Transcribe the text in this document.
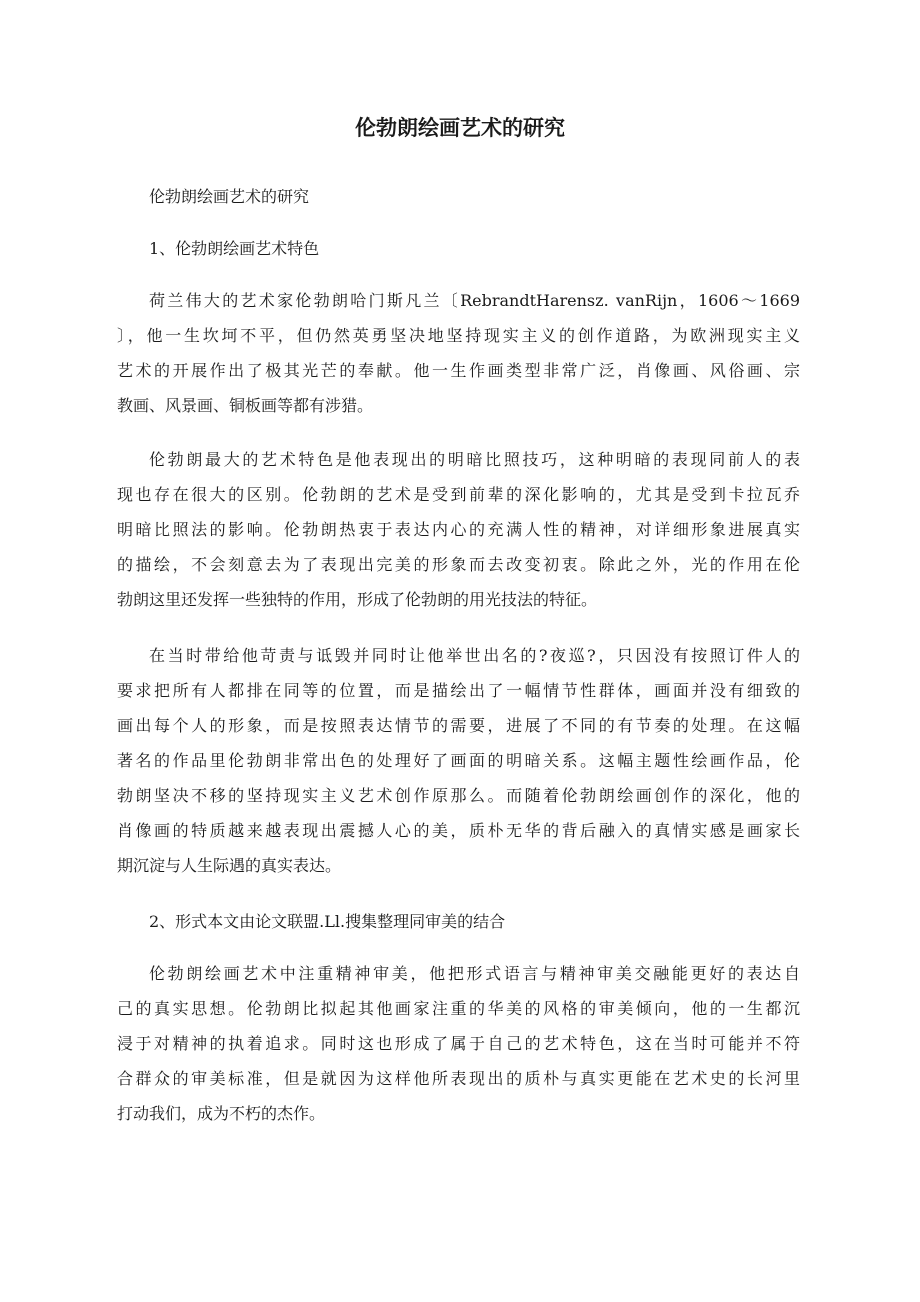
伦勃朗绘画艺术的研究

伦勃朗绘画艺术的研究

1、伦勃朗绘画艺术特色

荷兰伟大的艺术家伦勃朗哈门斯凡兰〔RebrandtHarensz. vanRijn，1606～1669

〕，他一生坎坷不平，但仍然英勇坚决地坚持现实主义的创作道路，为欧洲现实主义

艺术的开展作出了极其光芒的奉献。他一生作画类型非常广泛，肖像画、风俗画、宗

教画、风景画、铜板画等都有涉猎。

伦勃朗最大的艺术特色是他表现出的明暗比照技巧，这种明暗的表现同前人的表

现也存在很大的区别。伦勃朗的艺术是受到前辈的深化影响的，尤其是受到卡拉瓦乔

明暗比照法的影响。伦勃朗热衷于表达内心的充满人性的精神，对详细形象进展真实

的描绘，不会刻意去为了表现出完美的形象而去改变初衷。除此之外，光的作用在伦

勃朗这里还发挥一些独特的作用，形成了伦勃朗的用光技法的特征。

在当时带给他苛责与诋毁并同时让他举世出名的?夜巡?，只因没有按照订件人的

要求把所有人都排在同等的位置，而是描绘出了一幅情节性群体，画面并没有细致的

画出每个人的形象，而是按照表达情节的需要，进展了不同的有节奏的处理。在这幅

著名的作品里伦勃朗非常出色的处理好了画面的明暗关系。这幅主题性绘画作品，伦

勃朗坚决不移的坚持现实主义艺术创作原那么。而随着伦勃朗绘画创作的深化，他的

肖像画的特质越来越表现出震撼人心的美，质朴无华的背后融入的真情实感是画家长

期沉淀与人生际遇的真实表达。

2、形式本文由论文联盟.Ll.搜集整理同审美的结合

伦勃朗绘画艺术中注重精神审美，他把形式语言与精神审美交融能更好的表达自

己的真实思想。伦勃朗比拟起其他画家注重的华美的风格的审美倾向，他的一生都沉

浸于对精神的执着追求。同时这也形成了属于自己的艺术特色，这在当时可能并不符

合群众的审美标准，但是就因为这样他所表现出的质朴与真实更能在艺术史的长河里

打动我们，成为不朽的杰作。
